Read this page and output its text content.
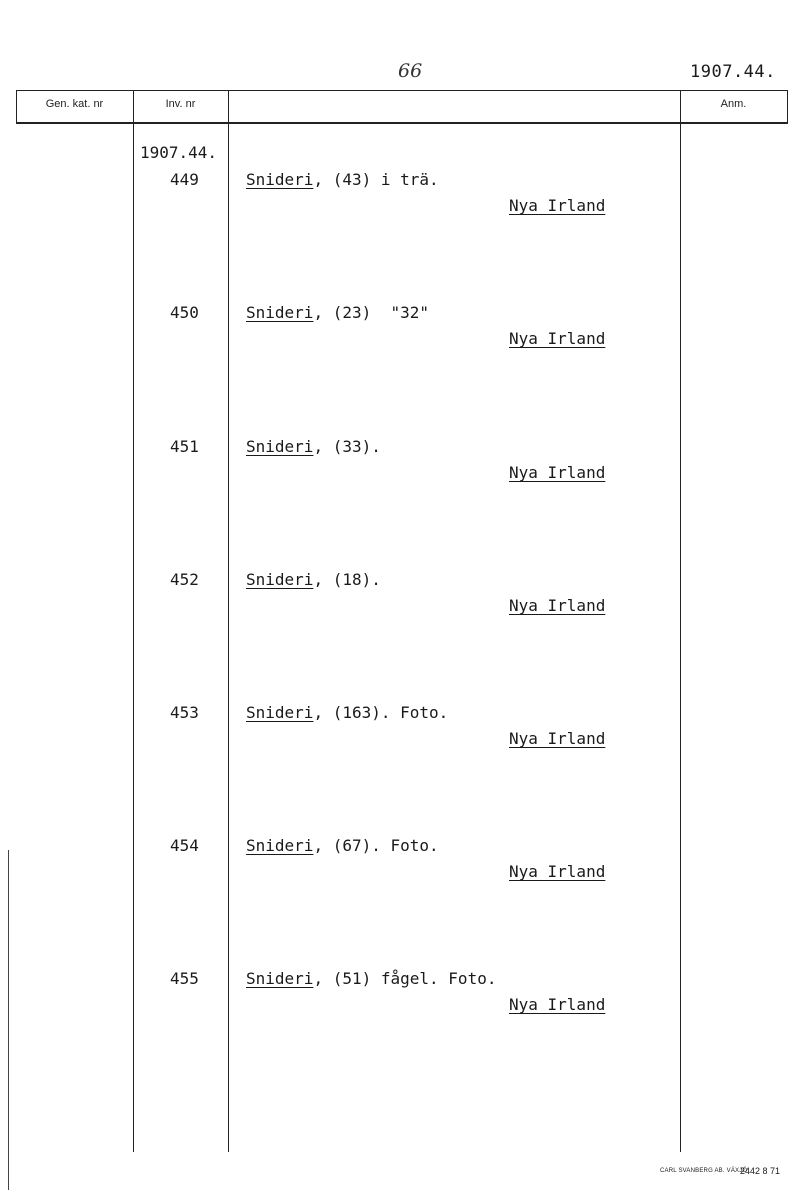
66	1907.44.
Gen. kat. nr	Inv. nr	Anm.
1907.44.
449	Snideri, (43) i trä.
Nya Irland
450	Snideri, (23)  "32"
Nya Irland
451	Snideri, (33).
Nya Irland
452	Snideri, (18).
Nya Irland
453	Snideri, (163). Foto.
Nya Irland
454	Snideri, (67). Foto.
Nya Irland
455	Snideri, (51) fågel. Foto.
Nya Irland
CARL SVANBERG AB. VÄXJÖ
2442 8 71
